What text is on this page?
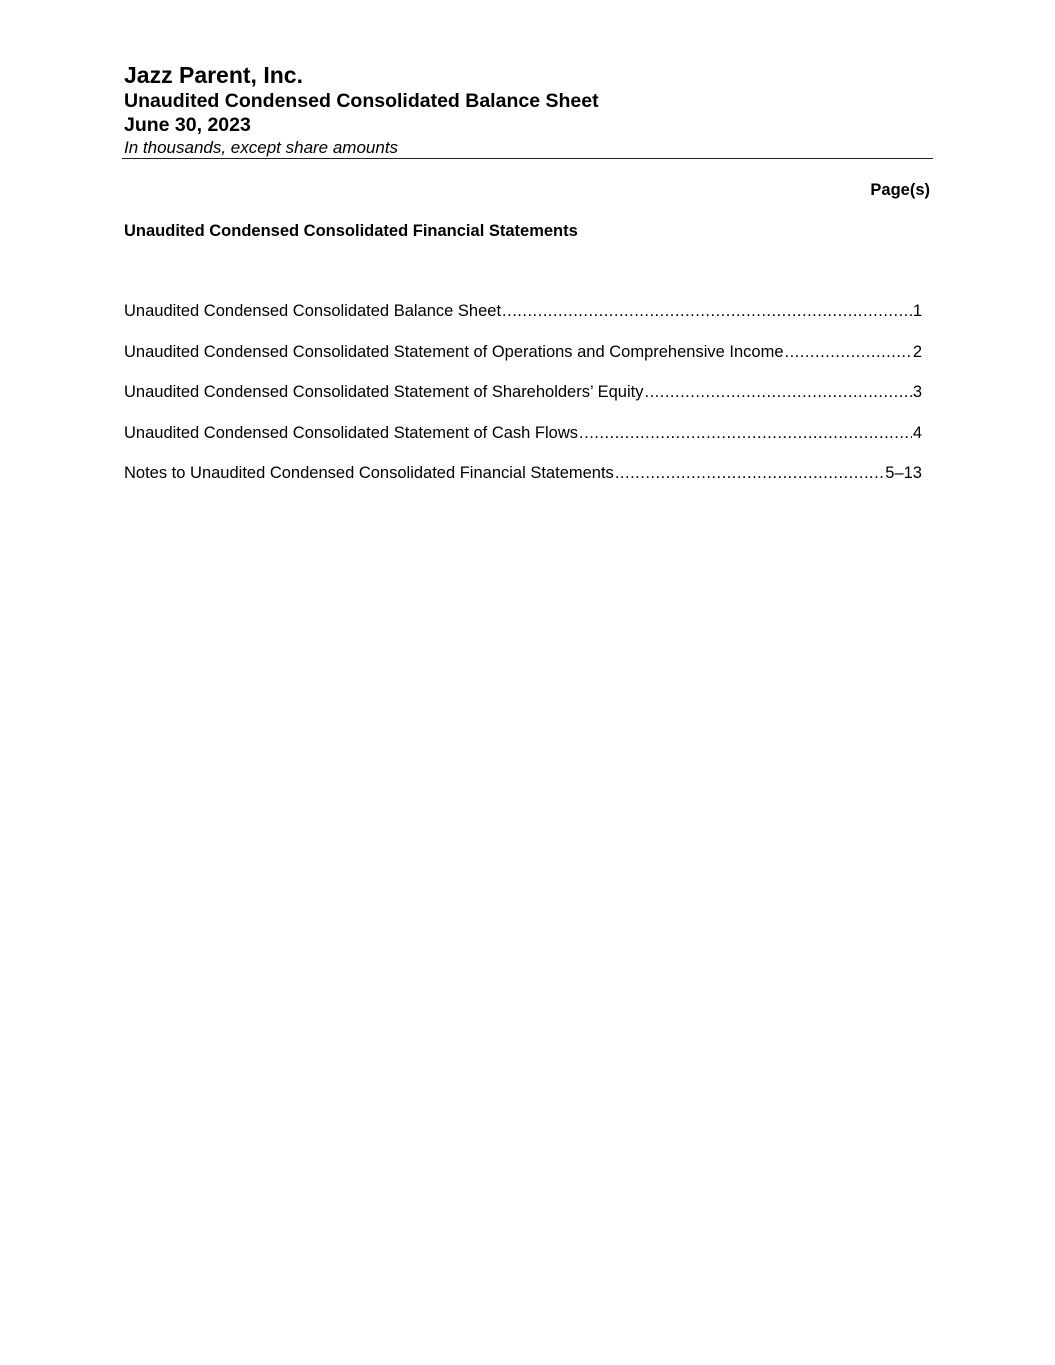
Jazz Parent, Inc.

Unaudited Condensed Consolidated Balance Sheet

June 30, 2023

In thousands, except share amounts

Page(s)
Unaudited Condensed Consolidated Financial Statements
Unaudited Condensed Consolidated Balance Sheet .....	1
Unaudited Condensed Consolidated Statement of Operations and Comprehensive Income .....	2
Unaudited Condensed Consolidated Statement of Shareholders’ Equity .....	3
Unaudited Condensed Consolidated Statement of Cash Flows .....	4
Notes to Unaudited Condensed Consolidated Financial Statements .....	5–13
